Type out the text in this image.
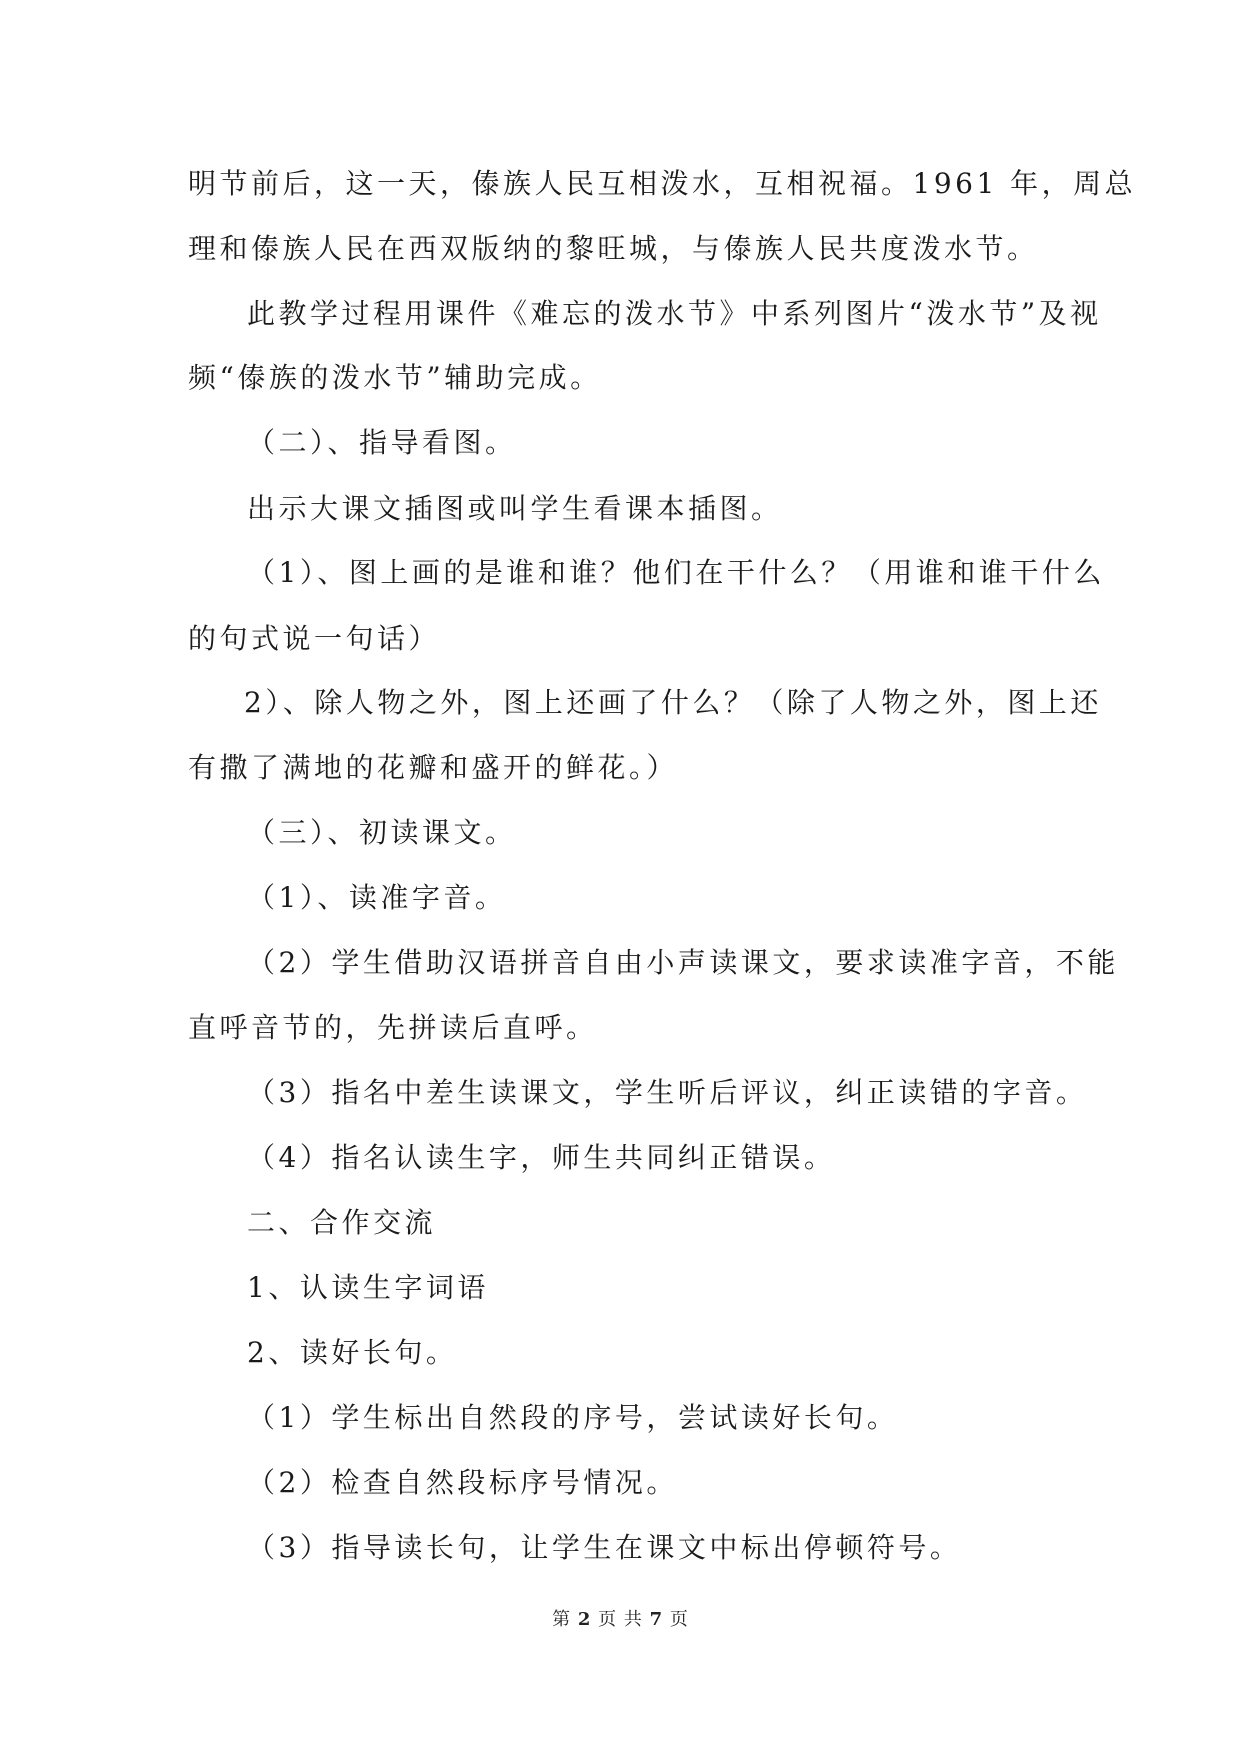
明节前后，这一天，傣族人民互相泼水，互相祝福。1961 年，周总
理和傣族人民在西双版纳的黎旺城，与傣族人民共度泼水节。
此教学过程用课件《难忘的泼水节》中系列图片“泼水节”及视
频“傣族的泼水节”辅助完成。
（二）、指导看图。
出示大课文插图或叫学生看课本插图。
（1）、图上画的是谁和谁？他们在干什么？（用谁和谁干什么
的句式说一句话）
2）、除人物之外，图上还画了什么？（除了人物之外，图上还
有撒了满地的花瓣和盛开的鲜花。）
（三）、初读课文。
（1）、读准字音。
（2）学生借助汉语拼音自由小声读课文，要求读准字音，不能
直呼音节的，先拼读后直呼。
（3）指名中差生读课文，学生听后评议，纠正读错的字音。
（4）指名认读生字，师生共同纠正错误。
二、合作交流
1、认读生字词语
2、读好长句。
（1）学生标出自然段的序号，尝试读好长句。
（2）检查自然段标序号情况。
（3）指导读长句，让学生在课文中标出停顿符号。
第 2 页 共 7 页
